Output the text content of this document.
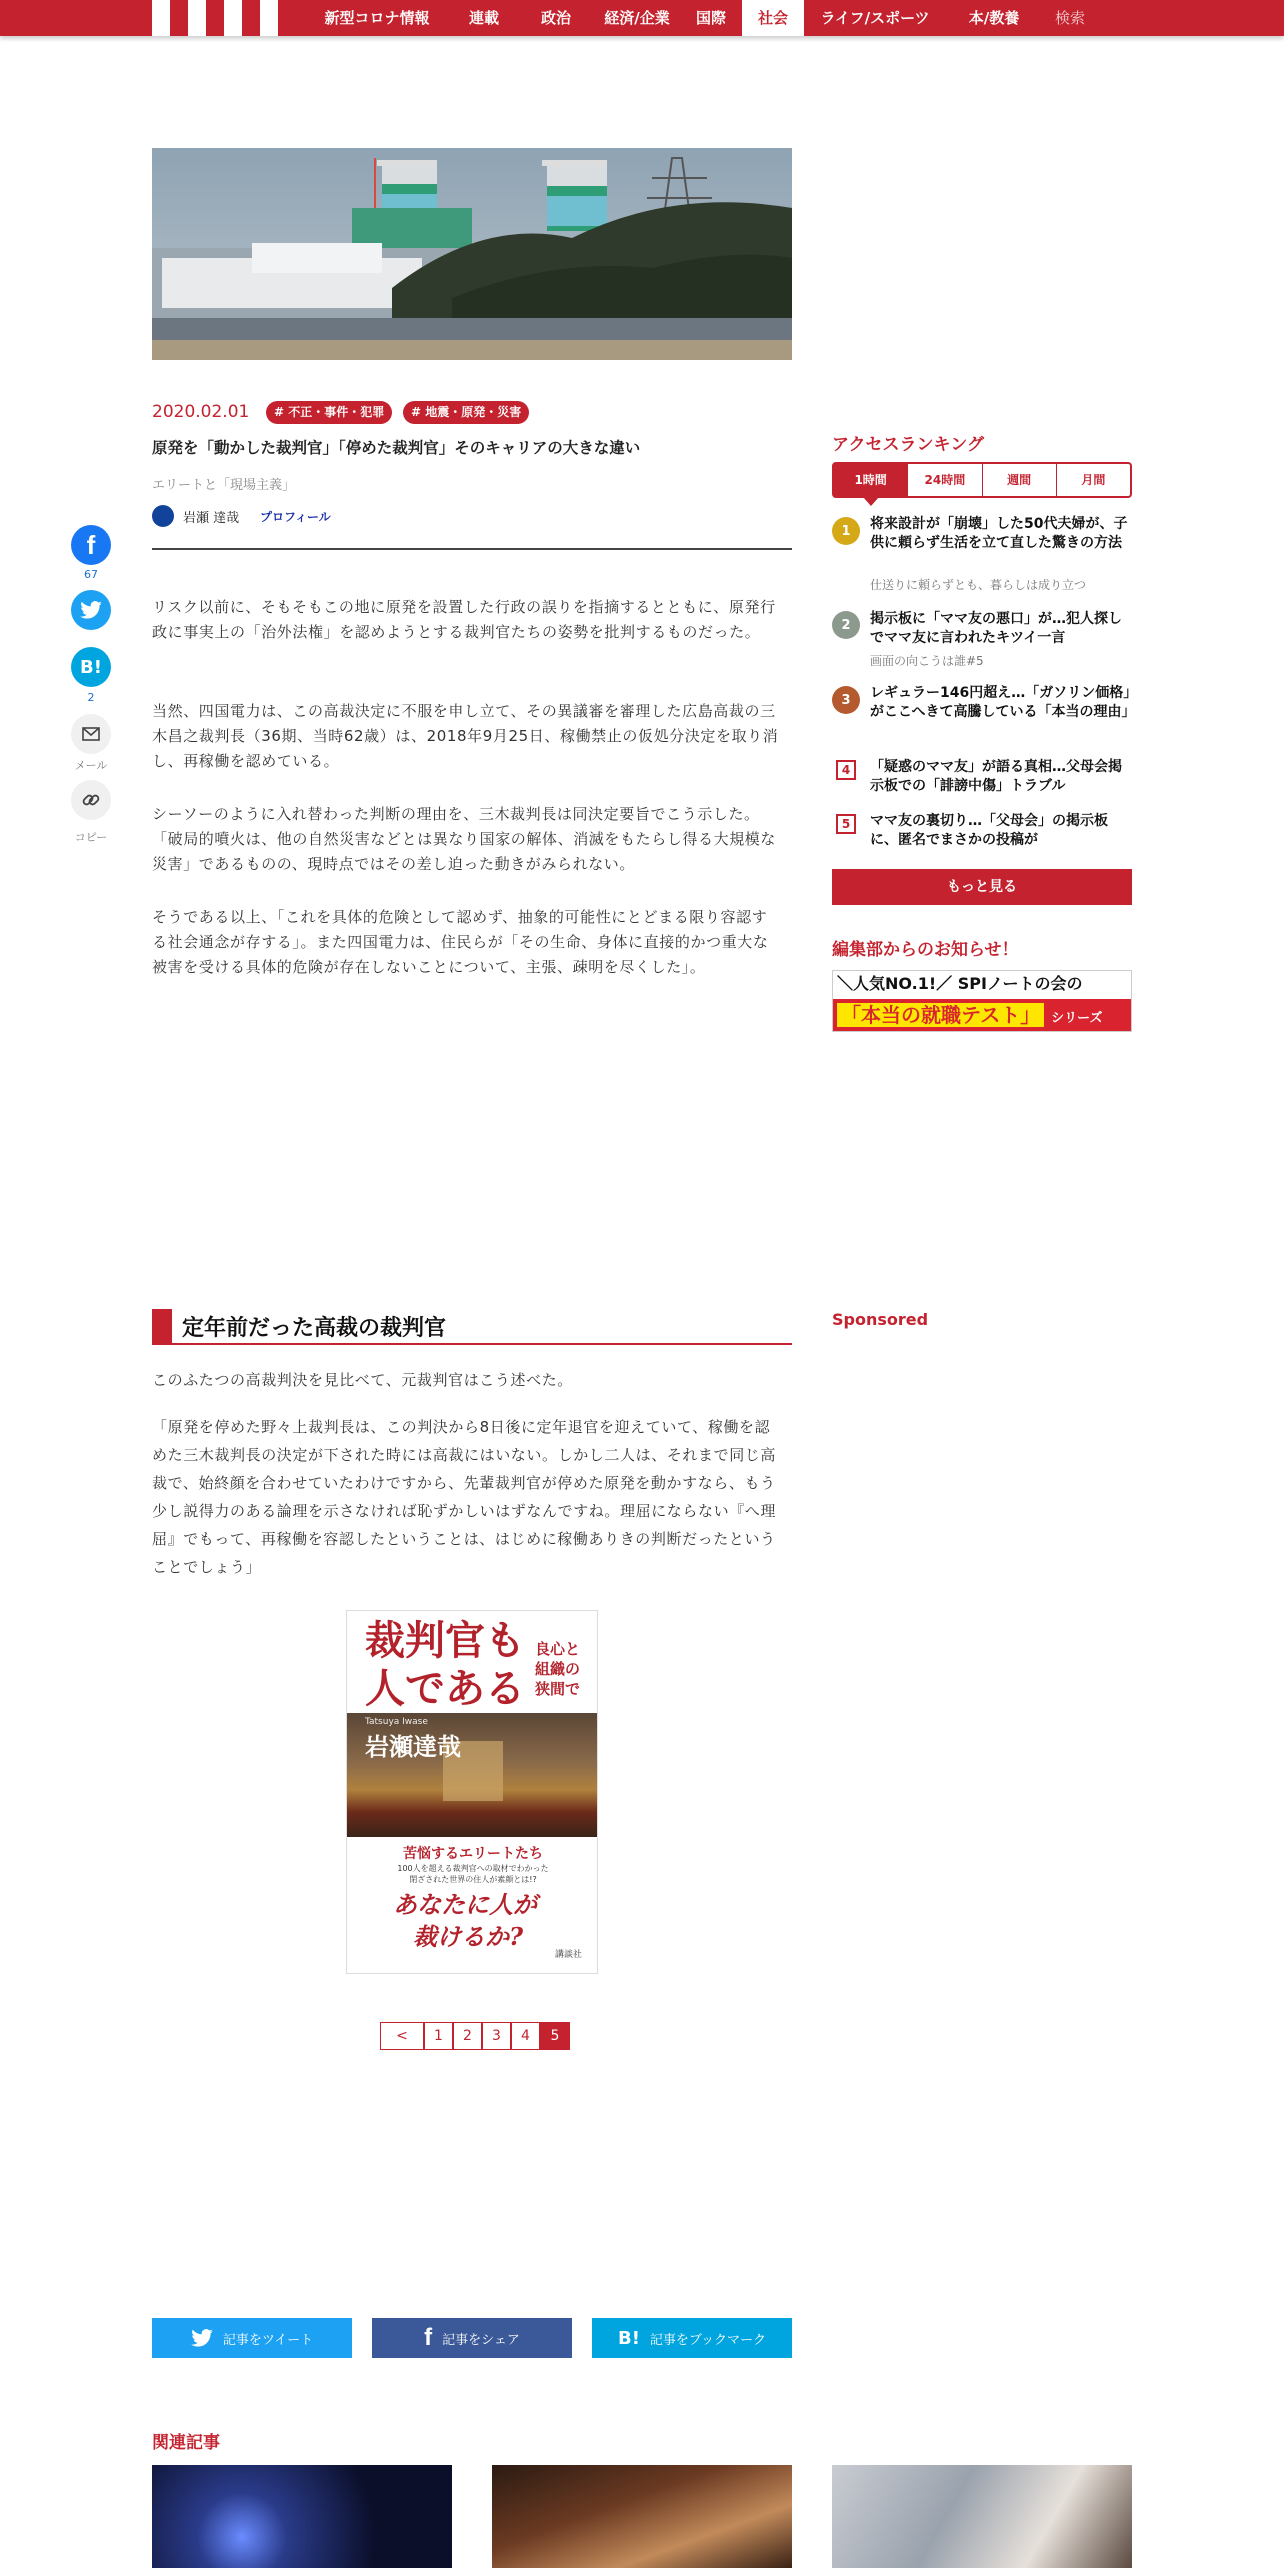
新型コロナ情報	連載	政治	経済/企業	国際	社会	ライフ/スポーツ	本/教養	検索
2020.02.01	# 不正・事件・犯罪	# 地震・原発・災害
原発を「動かした裁判官」「停めた裁判官」そのキャリアの大きな違い
エリートと「現場主義」
岩瀬 達哉 プロフィール
f
67
B!
2
メール
コピー

リスク以前に、そもそもこの地に原発を設置した行政の誤りを指摘するとともに、原発行政に事実上の「治外法権」を認めようとする裁判官たちの姿勢を批判するものだった。

当然、四国電力は、この高裁決定に不服を申し立て、その異議審を審理した広島高裁の三木昌之裁判長（36期、当時62歳）は、2018年9月25日、稼働禁止の仮処分決定を取り消し、再稼働を認めている。

シーソーのように入れ替わった判断の理由を、三木裁判長は同決定要旨でこう示した。「破局的噴火は、他の自然災害などとは異なり国家の解体、消滅をもたらし得る大規模な災害」であるものの、現時点ではその差し迫った動きがみられない。

そうである以上、「これを具体的危険として認めず、抽象的可能性にとどまる限り容認する社会通念が存する」。また四国電力は、住民らが「その生命、身体に直接的かつ重大な被害を受ける具体的危険が存在しないことについて、主張、疎明を尽くした」。

アクセスランキング
1時間	24時間	週間	月間
1	将来設計が「崩壊」した50代夫婦が、子供に頼らず生活を立て直した驚きの方法
仕送りに頼らずとも、暮らしは成り立つ
2	掲示板に「ママ友の悪口」が…犯人探しでママ友に言われたキツイ一言
画面の向こうは誰#5
3	レギュラー146円超え…「ガソリン価格」がここへきて高騰している「本当の理由」
4	「疑惑のママ友」が語る真相…父母会掲示板での「誹謗中傷」トラブル
5	ママ友の裏切り…「父母会」の掲示板に、匿名でまさかの投稿が
もっと見る
編集部からのお知らせ！
＼人気NO.1!／ SPIノートの会の
「本当の就職テスト」 シリーズ
Sponsored
定年前だった高裁の裁判官

このふたつの高裁判決を見比べて、元裁判官はこう述べた。

「原発を停めた野々上裁判長は、この判決から8日後に定年退官を迎えていて、稼働を認めた三木裁判長の決定が下された時には高裁にはいない。しかし二人は、それまで同じ高裁で、始終顔を合わせていたわけですから、先輩裁判官が停めた原発を動かすなら、もう少し説得力のある論理を示さなければ恥ずかしいはずなんですね。理屈にならない『へ理屈』でもって、再稼働を容認したということは、はじめに稼働ありきの判断だったということでしょう」

裁判官も
人である
良心と
組織の
狭間で
Tatsuya Iwase
岩瀬達哉
苦悩するエリートたち
100人を超える裁判官への取材でわかった
閉ざされた世界の住人が素顔とは!?
あなたに人が
裁けるか?
講談社
<	1	2	3	4	5
記事をツイート	f 記事をシェア	B! 記事をブックマーク
関連記事
